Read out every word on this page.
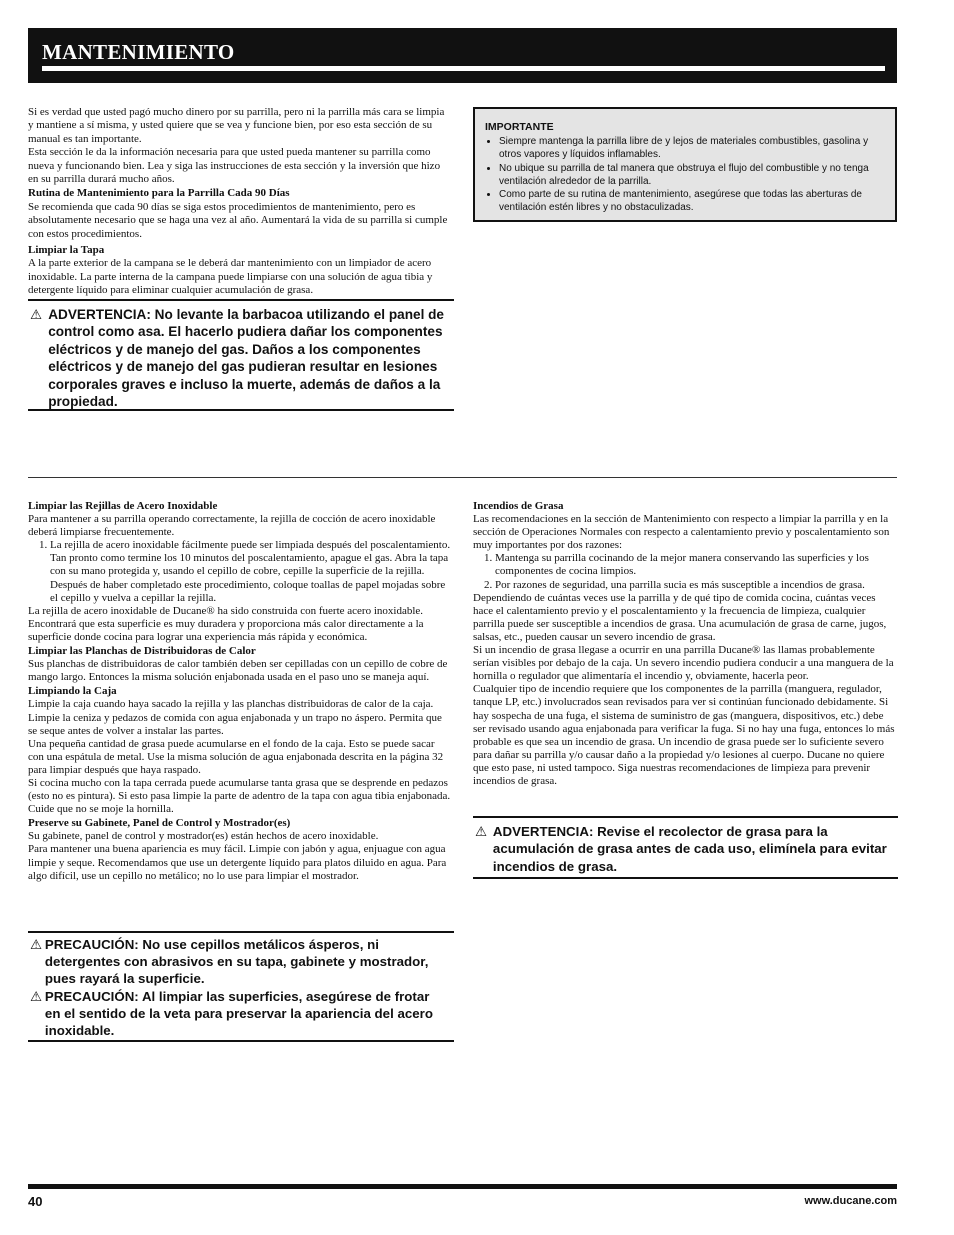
MANTENIMIENTO

Si es verdad que usted pagó mucho dinero por su parrilla, pero ni la parrilla más cara se limpia y mantiene a sí misma, y usted quiere que se vea y funcione bien, por eso esta sección de su manual es tan importante.

Esta sección le da la información necesaria para que usted pueda mantener su parrilla como nueva y funcionando bien. Lea y siga las instrucciones de esta sección y la inversión que hizo en su parrilla durará mucho años.

Rutina de Mantenimiento para la Parrilla Cada 90 Días

Se recomienda que cada 90 días se siga estos procedimientos de mantenimiento, pero es absolutamente necesario que se haga una vez al año. Aumentará la vida de su parrilla si cumple con estos procedimientos.

Limpiar la Tapa

A la parte exterior de la campana se le deberá dar mantenimiento con un limpiador de acero inoxidable. La parte interna de la campana puede limpiarse con una solución de agua tibia y detergente líquido para eliminar cualquier acumulación de grasa.

⚠ ADVERTENCIA: No levante la barbacoa utilizando el panel de control como asa. El hacerlo pudiera dañar los componentes eléctricos y de manejo del gas. Daños a los componentes eléctricos y de manejo del gas pudieran resultar en lesiones corporales graves e incluso la muerte, además de daños a la propiedad.
IMPORTANTE
• Siempre mantenga la parrilla libre de y lejos de materiales combustibles, gasolina y otros vapores y líquidos inflamables.
• No ubique su parrilla de tal manera que obstruya el flujo del combustible y no tenga ventilación alrededor de la parrilla.
• Como parte de su rutina de mantenimiento, asegúrese que todas las aberturas de ventilación estén libres y no obstaculizadas.
Limpiar las Rejillas de Acero Inoxidable

Para mantener a su parrilla operando correctamente, la rejilla de cocción de acero inoxidable deberá limpiarse frecuentemente.

1. La rejilla de acero inoxidable fácilmente puede ser limpiada después del poscalentamiento. Tan pronto como termine los 10 minutos del poscalentamiento, apague el gas. Abra la tapa con su mano protegida y, usando el cepillo de cobre, cepille la superficie de la rejilla. Después de haber completado este procedimiento, coloque toallas de papel mojadas sobre el cepillo y vuelva a cepillar la rejilla.

La rejilla de acero inoxidable de Ducane® ha sido construida con fuerte acero inoxidable. Encontrará que esta superficie es muy duradera y proporciona más calor directamente a la superficie donde cocina para lograr una experiencia más rápida y económica.

Limpiar las Planchas de Distribuidoras de Calor

Sus planchas de distribuidoras de calor también deben ser cepilladas con un cepillo de cobre de mango largo. Entonces la misma solución enjabonada usada en el paso uno se maneja aquí.

Limpiando la Caja

Limpie la caja cuando haya sacado la rejilla y las planchas distribuidoras de calor de la caja. Limpie la ceniza y pedazos de comida con agua enjabonada y un trapo no áspero. Permita que se seque antes de volver a instalar las partes.

Una pequeña cantidad de grasa puede acumularse en el fondo de la caja. Esto se puede sacar con una espátula de metal. Use la misma solución de agua enjabonada descrita en la página 32 para limpiar después que haya raspado.

Si cocina mucho con la tapa cerrada puede acumularse tanta grasa que se desprende en pedazos (esto no es pintura). Si esto pasa limpie la parte de adentro de la tapa con agua tibia enjabonada. Cuide que no se moje la hornilla.

Preserve su Gabinete, Panel de Control y Mostrador(es)

Su gabinete, panel de control y mostrador(es) están hechos de acero inoxidable.

Para mantener una buena apariencia es muy fácil. Limpie con jabón y agua, enjuague con agua limpie y seque. Recomendamos que use un detergente líquido para platos diluido en agua. Para algo difícil, use un cepillo no metálico; no lo use para limpiar el mostrador.

⚠ PRECAUCIÓN: No use cepillos metálicos ásperos, ni detergentes con abrasivos en su tapa, gabinete y mostrador, pues rayará la superficie.
⚠ PRECAUCIÓN: Al limpiar las superficies, asegúrese de frotar en el sentido de la veta para preservar la apariencia del acero inoxidable.
Incendios de Grasa

Las recomendaciones en la sección de Mantenimiento con respecto a limpiar la parrilla y en la sección de Operaciones Normales con respecto a calentamiento previo y poscalentamiento son muy importantes por dos razones:

1. Mantenga su parrilla cocinando de la mejor manera conservando las superficies y los componentes de cocina limpios.
2. Por razones de seguridad, una parrilla sucia es más susceptible a incendios de grasa.

Dependiendo de cuántas veces use la parrilla y de qué tipo de comida cocina, cuántas veces hace el calentamiento previo y el poscalentamiento y la frecuencia de limpieza, cualquier parrilla puede ser susceptible a incendios de grasa. Una acumulación de grasa de carne, jugos, salsas, etc., pueden causar un severo incendio de grasa.

Si un incendio de grasa llegase a ocurrir en una parrilla Ducane® las llamas probablemente serían visibles por debajo de la caja. Un severo incendio pudiera conducir a una manguera de la hornilla o regulador que alimentaría el incendio y, obviamente, hacerla peor.

Cualquier tipo de incendio requiere que los componentes de la parrilla (manguera, regulador, tanque LP, etc.) involucrados sean revisados para ver si continúan funcionado debidamente. Si hay sospecha de una fuga, el sistema de suministro de gas (manguera, dispositivos, etc.) debe ser revisado usando agua enjabonada para verificar la fuga. Si no hay una fuga, entonces lo más probable es que sea un incendio de grasa. Un incendio de grasa puede ser lo suficiente severo para dañar su parrilla y/o causar daño a la propiedad y/o lesiones al cuerpo. Ducane no quiere que esto pase, ni usted tampoco. Siga nuestras recomendaciones de limpieza para prevenir incendios de grasa.

⚠ ADVERTENCIA: Revise el recolector de grasa para la acumulación de grasa antes de cada uso, elimínela para evitar incendios de grasa.
40	www.ducane.com
